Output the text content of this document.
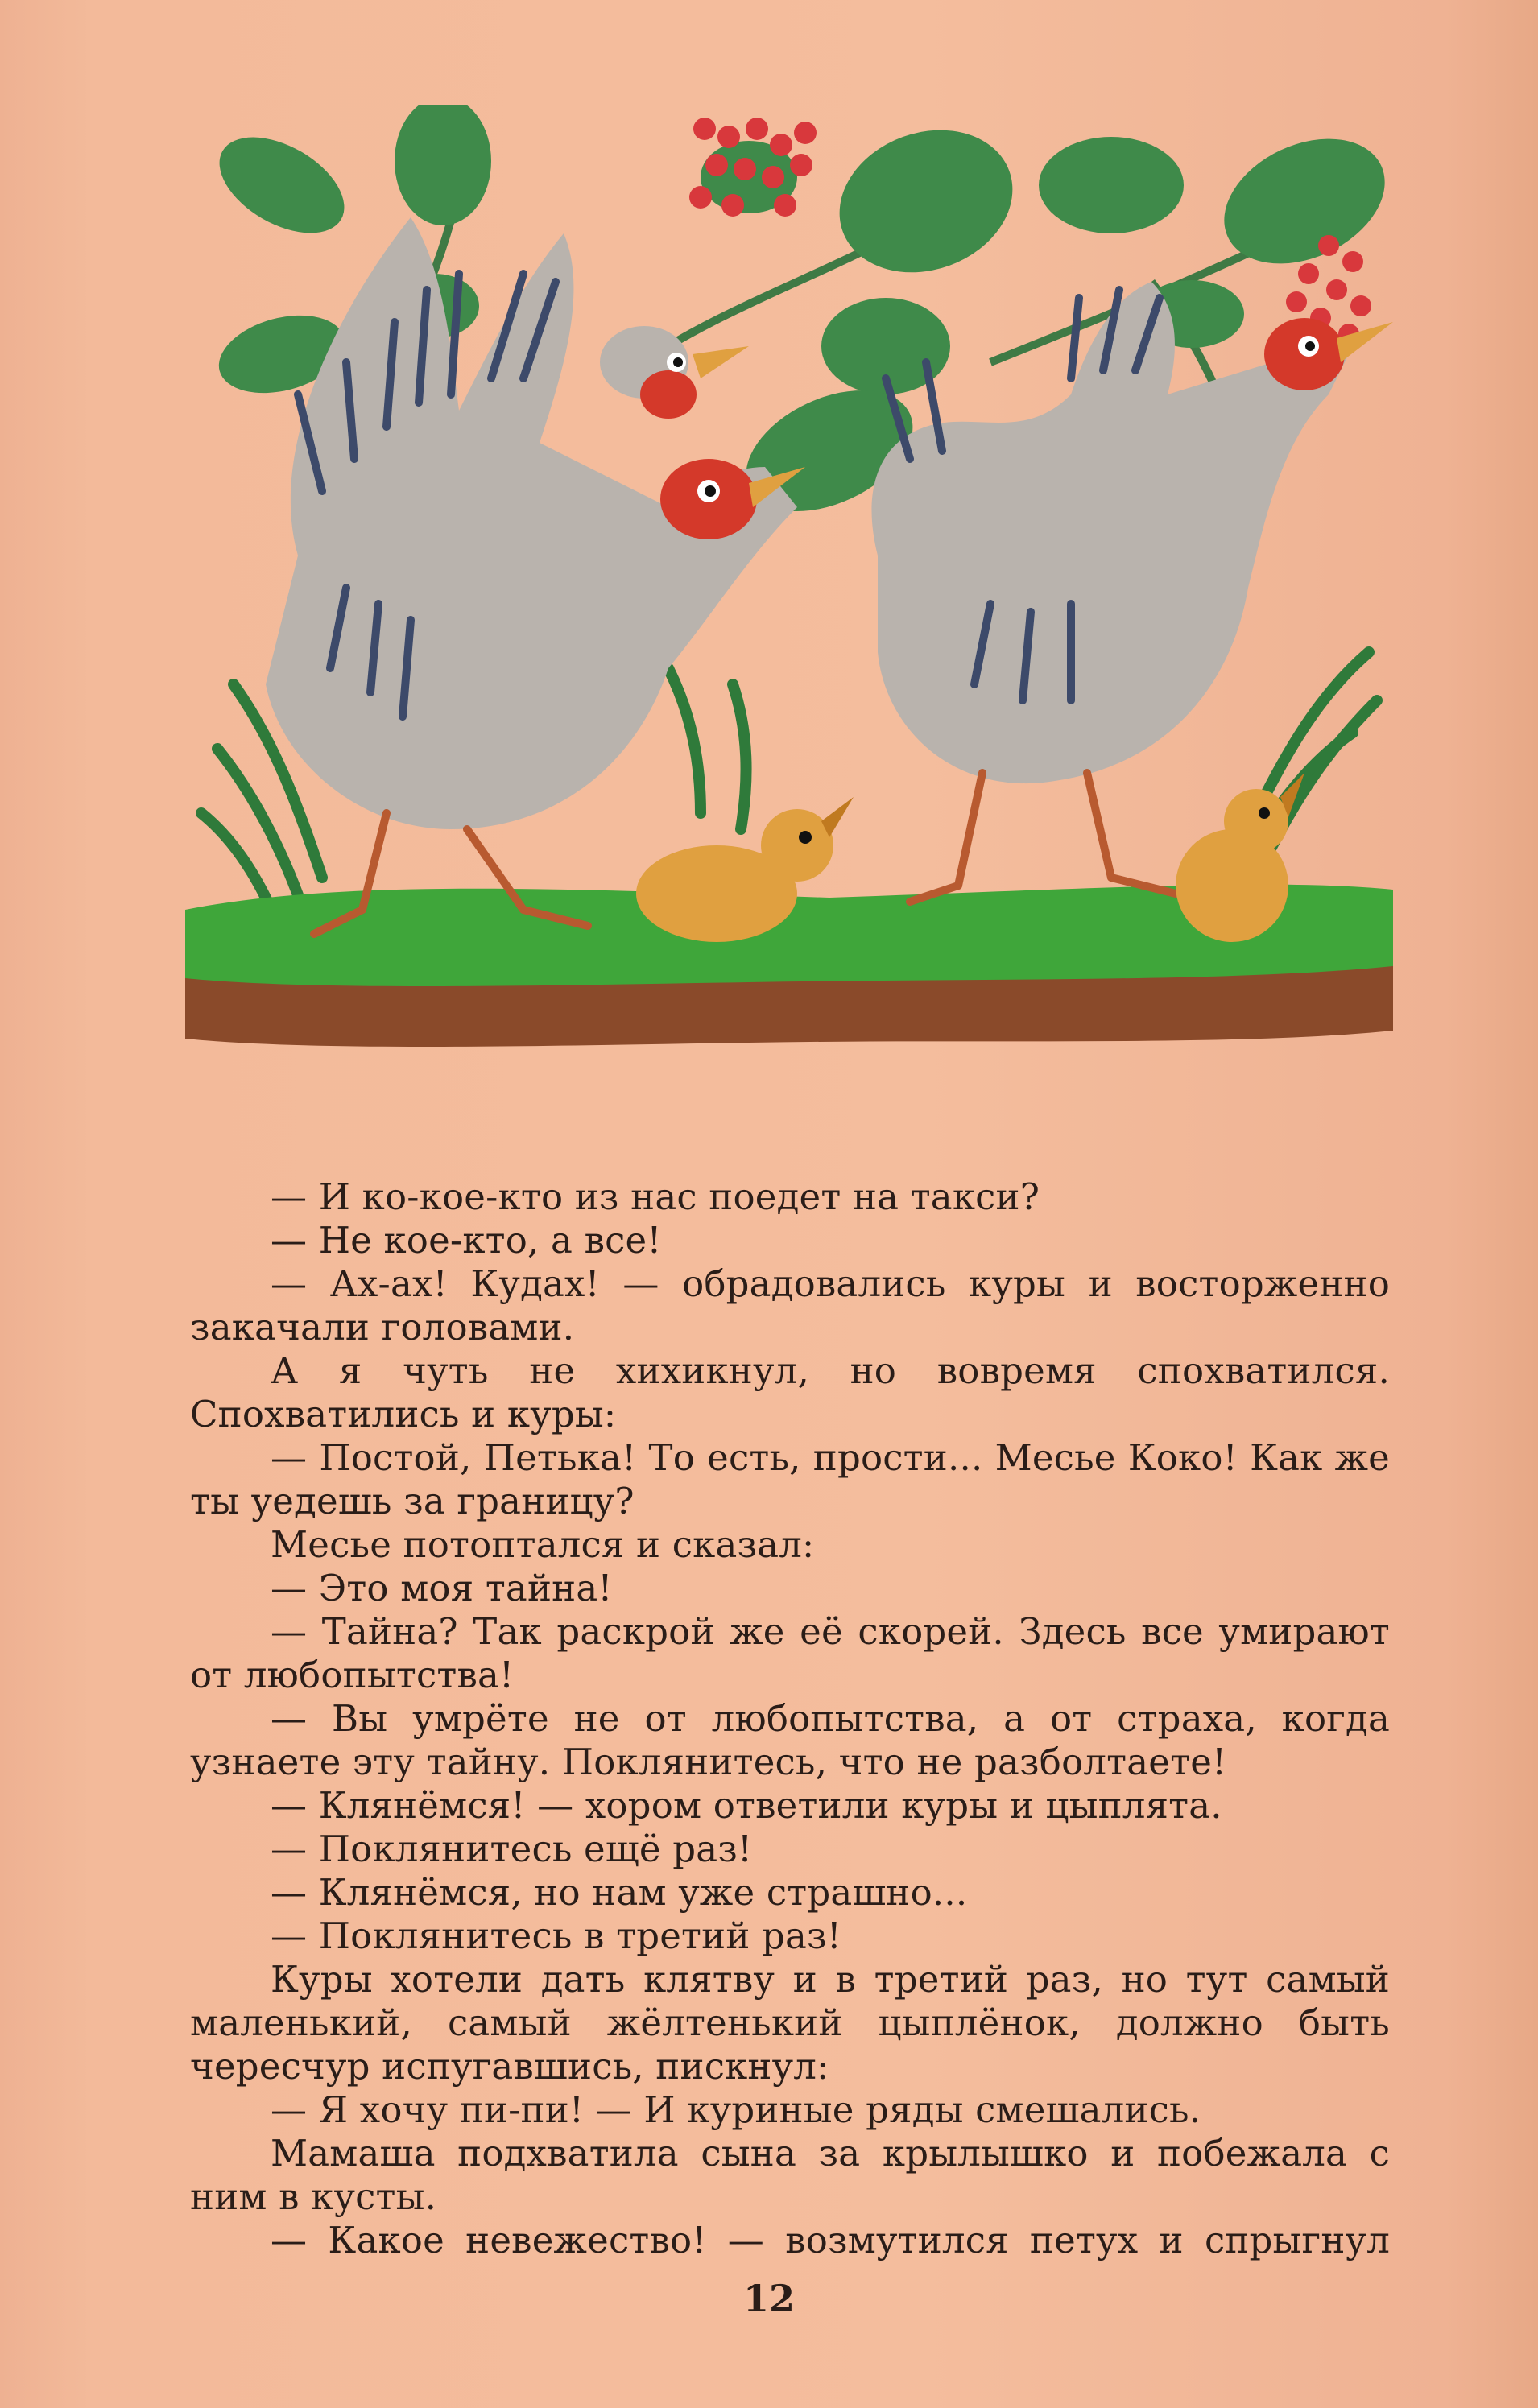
— И ко-кое-кто из нас поедет на такси?

— Не кое-кто, а все!

— Ах-ах! Кудах! — обрадовались куры и восторженно закачали головами.

А я чуть не хихикнул, но вовремя спохватился. Спохватились и куры:

— Постой, Петька! То есть, прости... Месье Коко! Как же ты уедешь за границу?

Месье потоптался и сказал:

— Это моя тайна!

— Тайна? Так раскрой же её скорей. Здесь все умирают от любопытства!

— Вы умрёте не от любопытства, а от страха, когда узнаете эту тайну. Поклянитесь, что не разболтаете!

— Клянёмся! — хором ответили куры и цыплята.

— Поклянитесь ещё раз!

— Клянёмся, но нам уже страшно...

— Поклянитесь в третий раз!

Куры хотели дать клятву и в третий раз, но тут самый маленький, самый жёлтенький цыплёнок, должно быть чересчур испугавшись, пискнул:

— Я хочу пи-пи! — И куриные ряды смешались.

Мамаша подхватила сына за крылышко и побежала с ним в кусты.

— Какое невежество! — возмутился петух и спрыгнул

12
